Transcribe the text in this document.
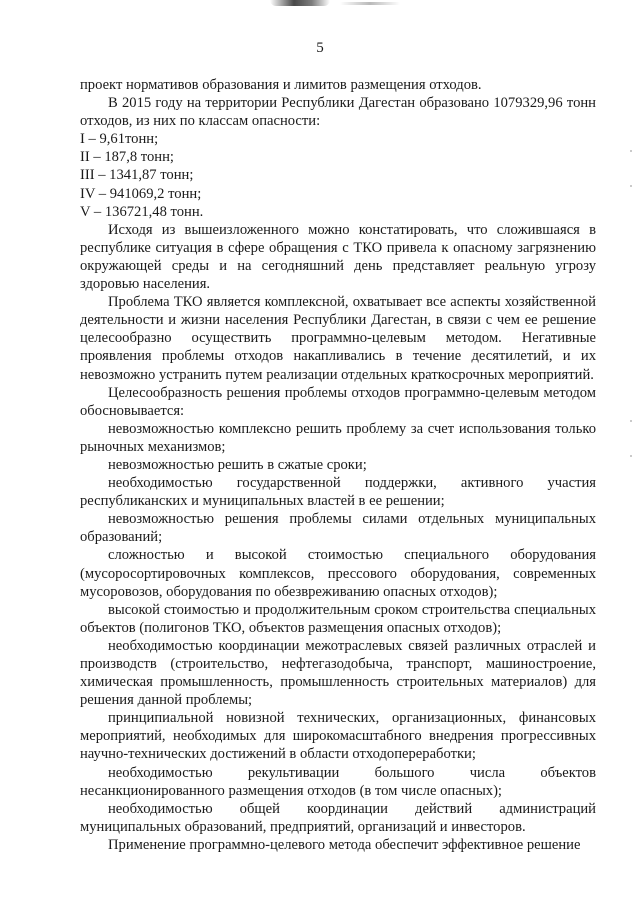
5

проект нормативов образования и лимитов размещения отходов.

В 2015 году на территории Республики Дагестан образовано 1079329,96 тонн отходов, из них по классам опасности:

I – 9,61тонн;

II – 187,8 тонн;

III – 1341,87 тонн;

IV – 941069,2 тонн;

V – 136721,48 тонн.

Исходя из вышеизложенного можно констатировать, что сложившаяся в республике ситуация в сфере обращения с ТКО привела к опасному загрязнению окружающей среды и на сегодняшний день представляет реальную угрозу здоровью населения.

Проблема ТКО является комплексной, охватывает все аспекты хозяйственной деятельности и жизни населения Республики Дагестан, в связи с чем ее решение целесообразно осуществить программно-целевым методом. Негативные проявления проблемы отходов накапливались в течение десятилетий, и их невозможно устранить путем реализации отдельных краткосрочных мероприятий.

Целесообразность решения проблемы отходов программно-целевым методом обосновывается:

невозможностью комплексно решить проблему за счет использования только рыночных механизмов;

невозможностью решить в сжатые сроки;

необходимостью государственной поддержки, активного участия республиканских и муниципальных властей в ее решении;

невозможностью решения проблемы силами отдельных муниципальных образований;

сложностью и высокой стоимостью специального оборудования (мусоросортировочных комплексов, прессового оборудования, современных мусоровозов, оборудования по обезвреживанию опасных отходов);

высокой стоимостью и продолжительным сроком строительства специальных объектов (полигонов ТКО, объектов размещения опасных отходов);

необходимостью координации межотраслевых связей различных отраслей и производств (строительство, нефтегазодобыча, транспорт, машиностроение, химическая промышленность, промышленность строительных материалов) для решения данной проблемы;

принципиальной новизной технических, организационных, финансовых мероприятий, необходимых для широкомасштабного внедрения прогрессивных научно-технических достижений в области отходопереработки;

необходимостью рекультивации большого числа объектов несанкционированного размещения отходов (в том числе опасных);

необходимостью общей координации действий администраций муниципальных образований, предприятий, организаций и инвесторов.

Применение программно-целевого метода обеспечит эффективное решение
